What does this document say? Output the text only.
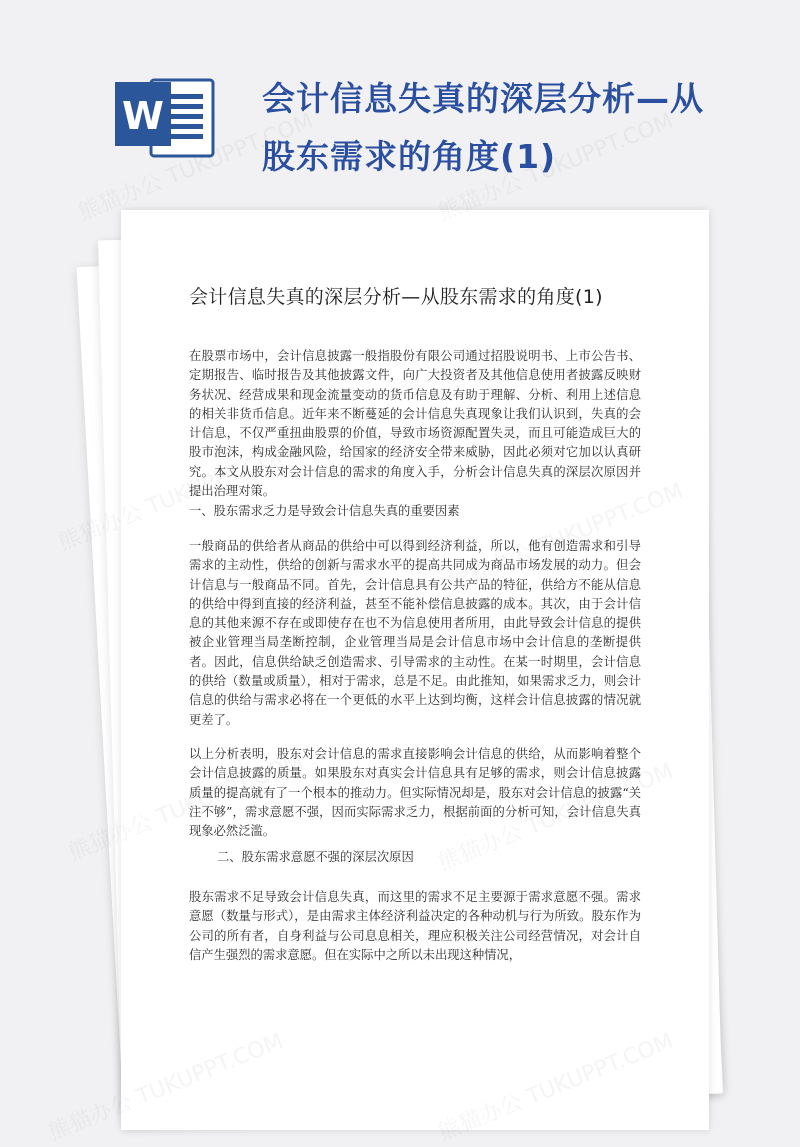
W	会计信息失真的深层分析—从
股东需求的角度(1)
会计信息失真的深层分析—从股东需求的角度(1)

在股票市场中，会计信息披露一般指股份有限公司通过招股说明书、上市公告书、定期报告、临时报告及其他披露文件，向广大投资者及其他信息使用者披露反映财务状况、经营成果和现金流量变动的货币信息及有助于理解、分析、利用上述信息的相关非货币信息。近年来不断蔓延的会计信息失真现象让我们认识到，失真的会计信息，不仅严重扭曲股票的价值，导致市场资源配置失灵，而且可能造成巨大的股市泡沫，构成金融风险，给国家的经济安全带来威胁，因此必须对它加以认真研究。本文从股东对会计信息的需求的角度入手，分析会计信息失真的深层次原因并提出治理对策。

一、股东需求乏力是导致会计信息失真的重要因素

一般商品的供给者从商品的供给中可以得到经济利益，所以，他有创造需求和引导需求的主动性，供给的创新与需求水平的提高共同成为商品市场发展的动力。但会计信息与一般商品不同。首先，会计信息具有公共产品的特征，供给方不能从信息的供给中得到直接的经济利益，甚至不能补偿信息披露的成本。其次，由于会计信息的其他来源不存在或即使存在也不为信息使用者所用，由此导致会计信息的提供被企业管理当局垄断控制，企业管理当局是会计信息市场中会计信息的垄断提供者。因此，信息供给缺乏创造需求、引导需求的主动性。在某一时期里，会计信息的供给（数量或质量），相对于需求，总是不足。由此推知，如果需求乏力，则会计信息的供给与需求必将在一个更低的水平上达到均衡，这样会计信息披露的情况就更差了。

以上分析表明，股东对会计信息的需求直接影响会计信息的供给，从而影响着整个会计信息披露的质量。如果股东对真实会计信息具有足够的需求，则会计信息披露质量的提高就有了一个根本的推动力。但实际情况却是，股东对会计信息的披露“关注不够”，需求意愿不强，因而实际需求乏力，根据前面的分析可知，会计信息失真现象必然泛滥。

二、股东需求意愿不强的深层次原因

股东需求不足导致会计信息失真，而这里的需求不足主要源于需求意愿不强。需求意愿（数量与形式），是由需求主体经济利益决定的各种动机与行为所致。股东作为公司的所有者，自身利益与公司息息相关，理应积极关注公司经营情况，对会计自信产生强烈的需求意愿。但在实际中之所以未出现这种情况，
